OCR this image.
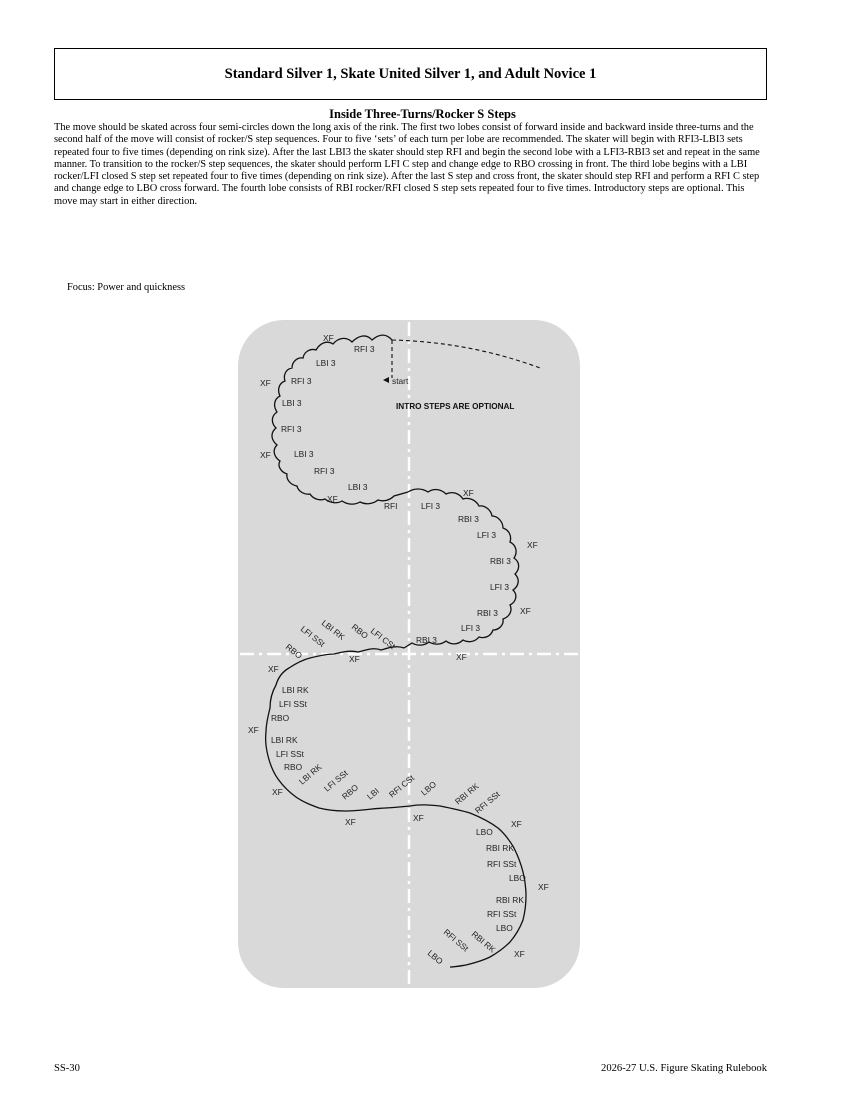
Standard Silver 1, Skate United Silver 1, and Adult Novice 1
Inside Three-Turns/Rocker S Steps
The move should be skated across four semi-circles down the long axis of the rink. The first two lobes consist of forward inside and backward inside three-turns and the second half of the move will consist of rocker/S step sequences. Four to five ‘sets’ of each turn per lobe are recommended. The skater will begin with RFI3-LBI3 sets repeated four to five times (depending on rink size). After the last LBI3 the skater should step RFI and begin the second lobe with a LFI3-RBI3 set and repeat in the same manner. To transition to the rocker/S step sequences, the skater should perform LFI C step and change edge to RBO crossing in front. The third lobe begins with a LBI rocker/LFI closed S step set repeated four to five times (depending on rink size). After the last S step and cross front, the skater should step RFI and perform a RFI C step and change edge to LBO cross forward. The fourth lobe consists of RBI rocker/RFI closed S step sets repeated four to five times. Introductory steps are optional. This move may start in either direction.
Focus: Power and quickness
XF
RFI 3
LBI 3
XF RFI 3
LBI 3
RFI 3
XF	LBI 3
RFI 3
LBI 3
XF
RFI	LFI 3
XF
RBI 3
LFI 3
XF
RBI 3
LFI 3
RBI 3	XF
LFI 3
RBI 3
XF
XF
LFI CSt
RBO
LBI RK
LFI SSt
RBO
XF
LBI RK
LFI SSt
RBO
XF
LBI RK
LFI SSt
RBO
XF
LBI RK
LFI SSt
RBO LBI RFI CSt LBO
XF	XF
RBI RK
RFI SSt
XF
LBO
RBI RK
RFI SSt
LBO
XF
RBI RK
RFI SSt
LBO
RBI RK
RFI SSt
LBO	XF
start
INTRO STEPS ARE OPTIONAL
SS-30	2026-27 U.S. Figure Skating Rulebook
